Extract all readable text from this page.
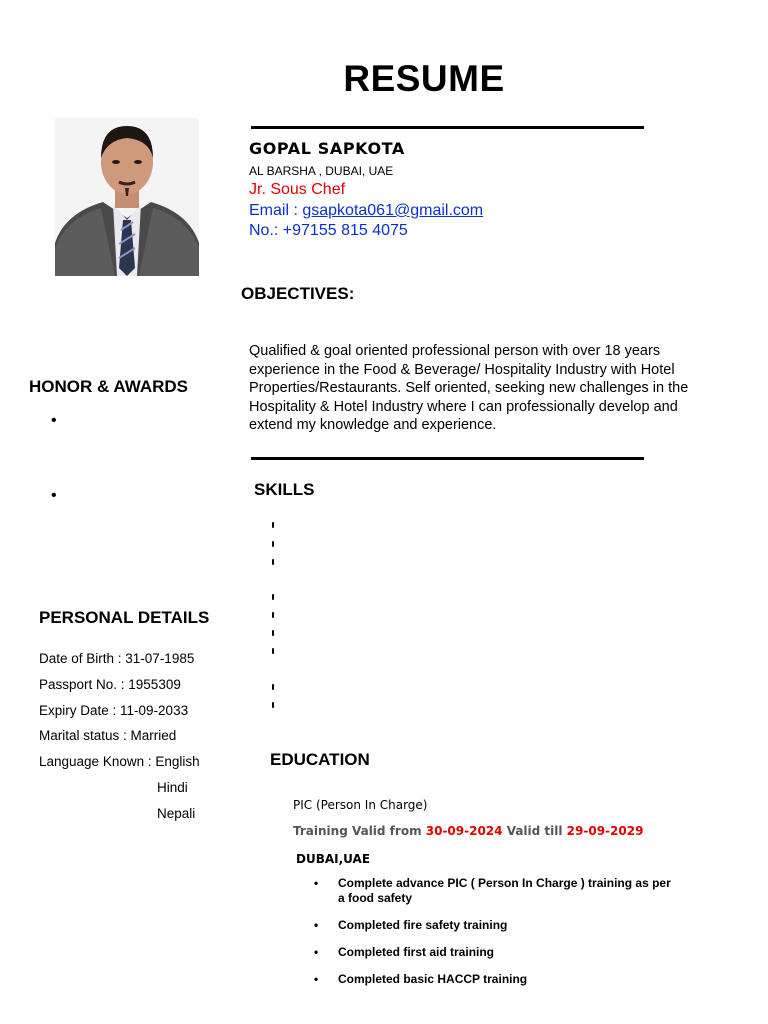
RESUME
GOPAL SAPKOTA
AL BARSHA , DUBAI, UAE
Jr. Sous Chef
Email : gsapkota061@gmail.com
No.: +97155 815 4075
OBJECTIVES:
Qualified & goal oriented professional person with over 18 years experience in the Food & Beverage/ Hospitality Industry with Hotel Properties/Restaurants. Self oriented, seeking new challenges in the Hospitality & Hotel Industry where I can professionally develop and extend my knowledge and experience.
HONOR & AWARDS
•
•	SKILLS
PERSONAL DETAILS
Date of Birth : 31-07-1985
Passport No. : 1955309
Expiry Date : 11-09-2033
Marital status : Married
Language Known : English
Hindi
Nepali
EDUCATION
PIC (Person In Charge)
Training Valid from 30-09-2024 Valid till 29-09-2029
DUBAI,UAE
• Complete advance PIC ( Person In Charge ) training as per a food safety
• Completed fire safety training
• Completed first aid training
• Completed basic HACCP training
